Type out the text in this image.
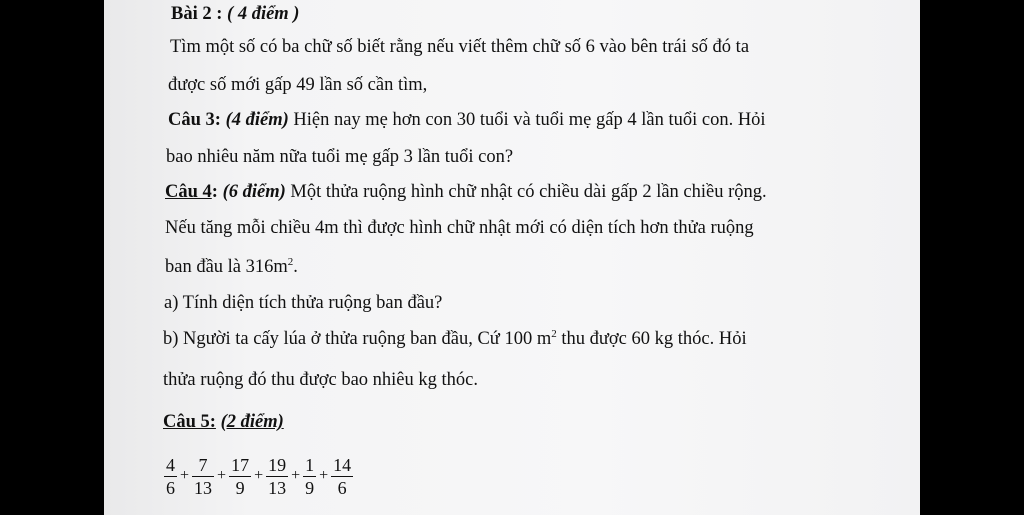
Bài 2 : ( 4 điểm )

Tìm một số có ba chữ số biết rằng nếu viết thêm chữ số 6 vào bên trái số đó ta

được số mới gấp 49 lần số cần tìm,

Câu 3: (4 điểm) Hiện nay mẹ hơn con 30 tuổi và tuổi mẹ gấp 4 lần tuổi con. Hỏi

bao nhiêu năm nữa tuổi mẹ gấp 3 lần tuổi con?

Câu 4: (6 điểm) Một thửa ruộng hình chữ nhật có chiều dài gấp 2 lần chiều rộng.

Nếu tăng mỗi chiều 4m thì được hình chữ nhật mới có diện tích hơn thửa ruộng

ban đầu là $316m^2$.

a) Tính diện tích thửa ruộng ban đầu?

b) Người ta cấy lúa ở thửa ruộng ban đầu, Cứ 100 $m^2$ thu được 60 kg thóc. Hỏi

thửa ruộng đó thu được bao nhiêu kg thóc.

Câu 5: (2 điểm)

$\frac{4}{6} + \frac{7}{13} + \frac{17}{9} + \frac{19}{13} + \frac{1}{9} + \frac{14}{6}$
